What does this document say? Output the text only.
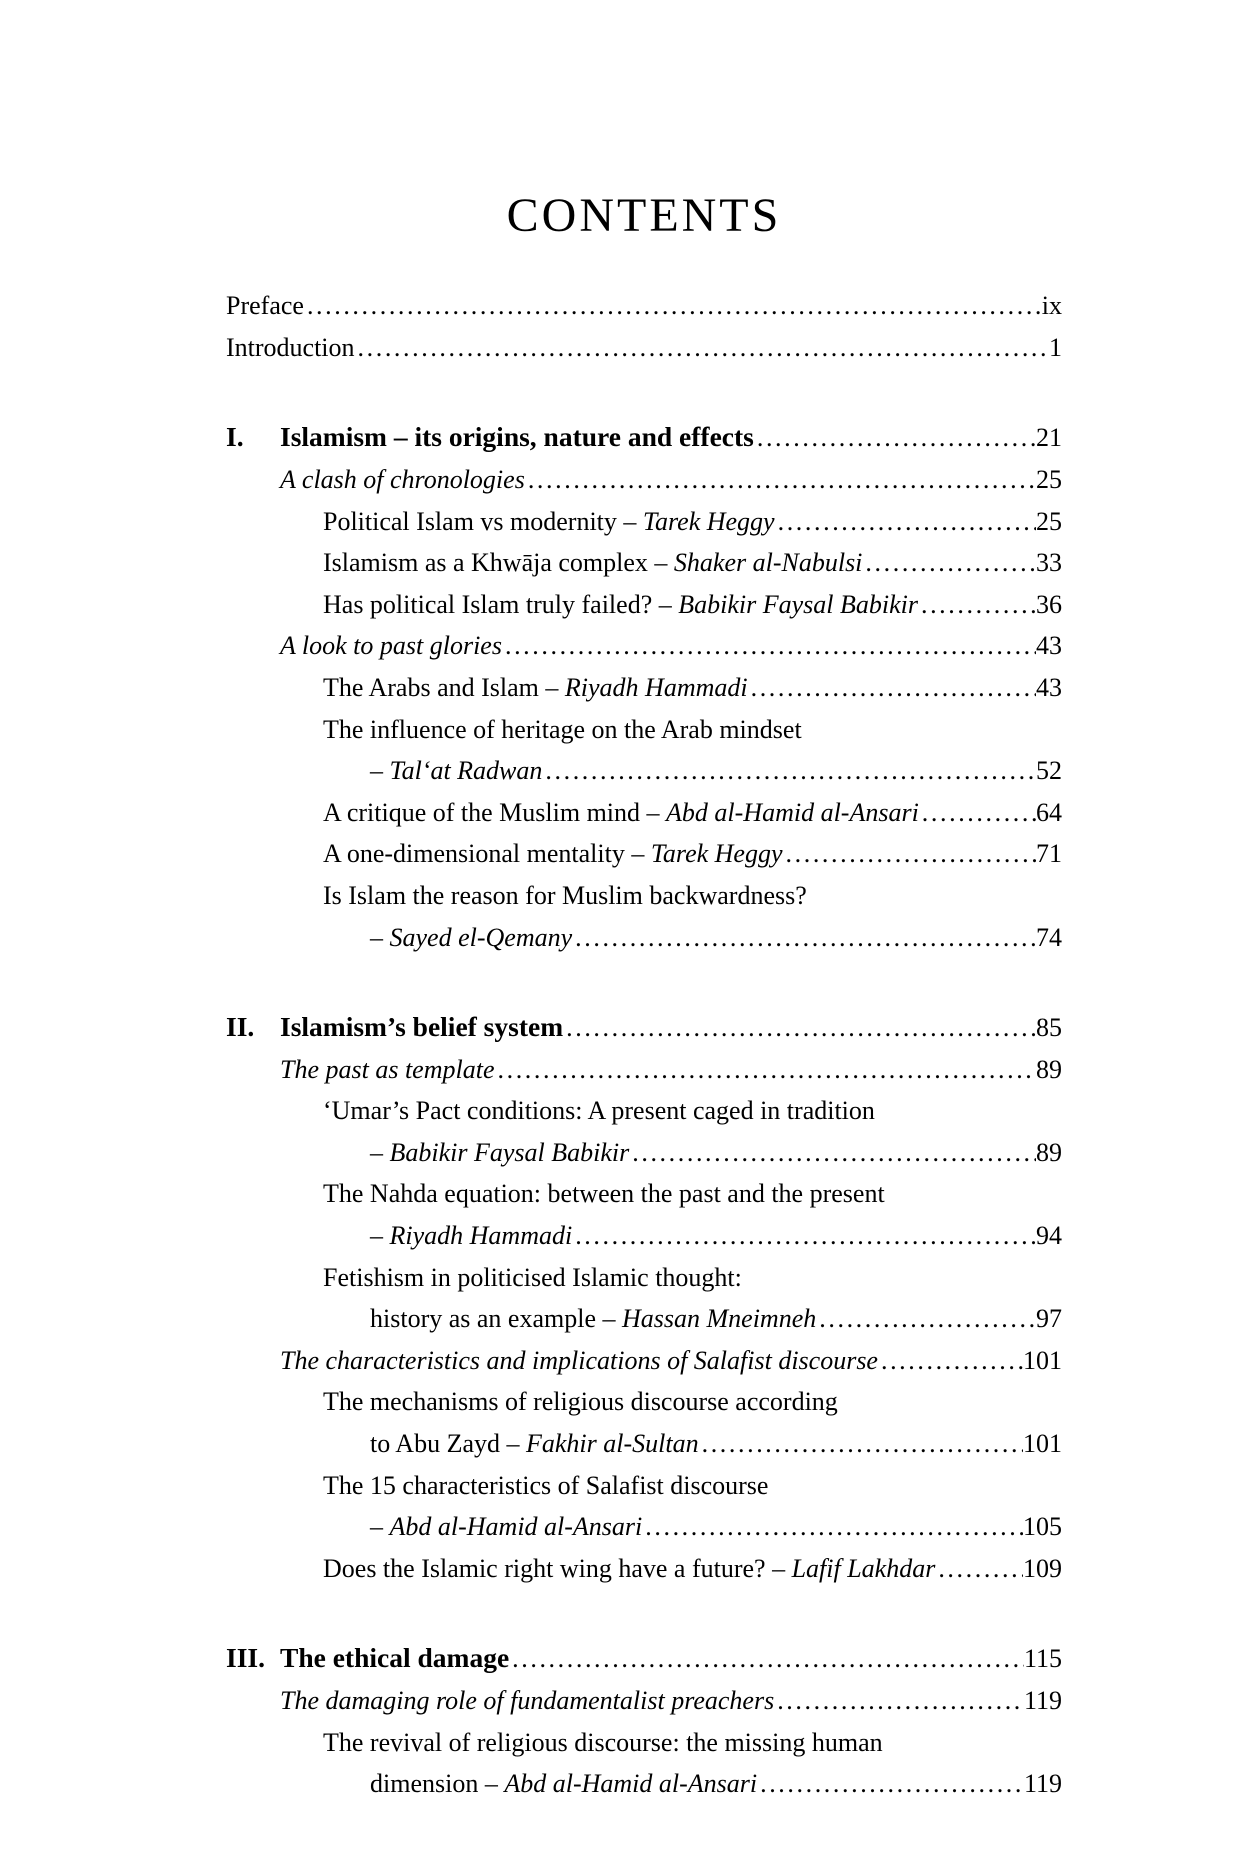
CONTENTS
Preface .....	ix
Introduction .....	1
I.	Islamism – its origins, nature and effects .....	21
A clash of chronologies .....	25
Political Islam vs modernity – Tarek Heggy .....	25
Islamism as a Khwāja complex – Shaker al-Nabulsi .....	33
Has political Islam truly failed? – Babikir Faysal Babikir .....	36
A look to past glories .....	43
The Arabs and Islam – Riyadh Hammadi .....	43
The influence of heritage on the Arab mindset
– Tal‘at Radwan .....	52
A critique of the Muslim mind – Abd al-Hamid al-Ansari .....	64
A one-dimensional mentality – Tarek Heggy .....	71
Is Islam the reason for Muslim backwardness?
– Sayed el-Qemany .....	74
II. Islamism’s belief system .....	85
The past as template .....	89
‘Umar’s Pact conditions: A present caged in tradition
– Babikir Faysal Babikir .....	89
The Nahda equation: between the past and the present
– Riyadh Hammadi .....	94
Fetishism in politicised Islamic thought:
history as an example – Hassan Mneimneh .....	97
The characteristics and implications of Salafist discourse .....	101
The mechanisms of religious discourse according
to Abu Zayd – Fakhir al-Sultan .....	101
The 15 characteristics of Salafist discourse
– Abd al-Hamid al-Ansari .....	105
Does the Islamic right wing have a future? – Lafif Lakhdar .....	109
III. The ethical damage .....	115
The damaging role of fundamentalist preachers .....	119
The revival of religious discourse: the missing human
dimension – Abd al-Hamid al-Ansari .....	119
